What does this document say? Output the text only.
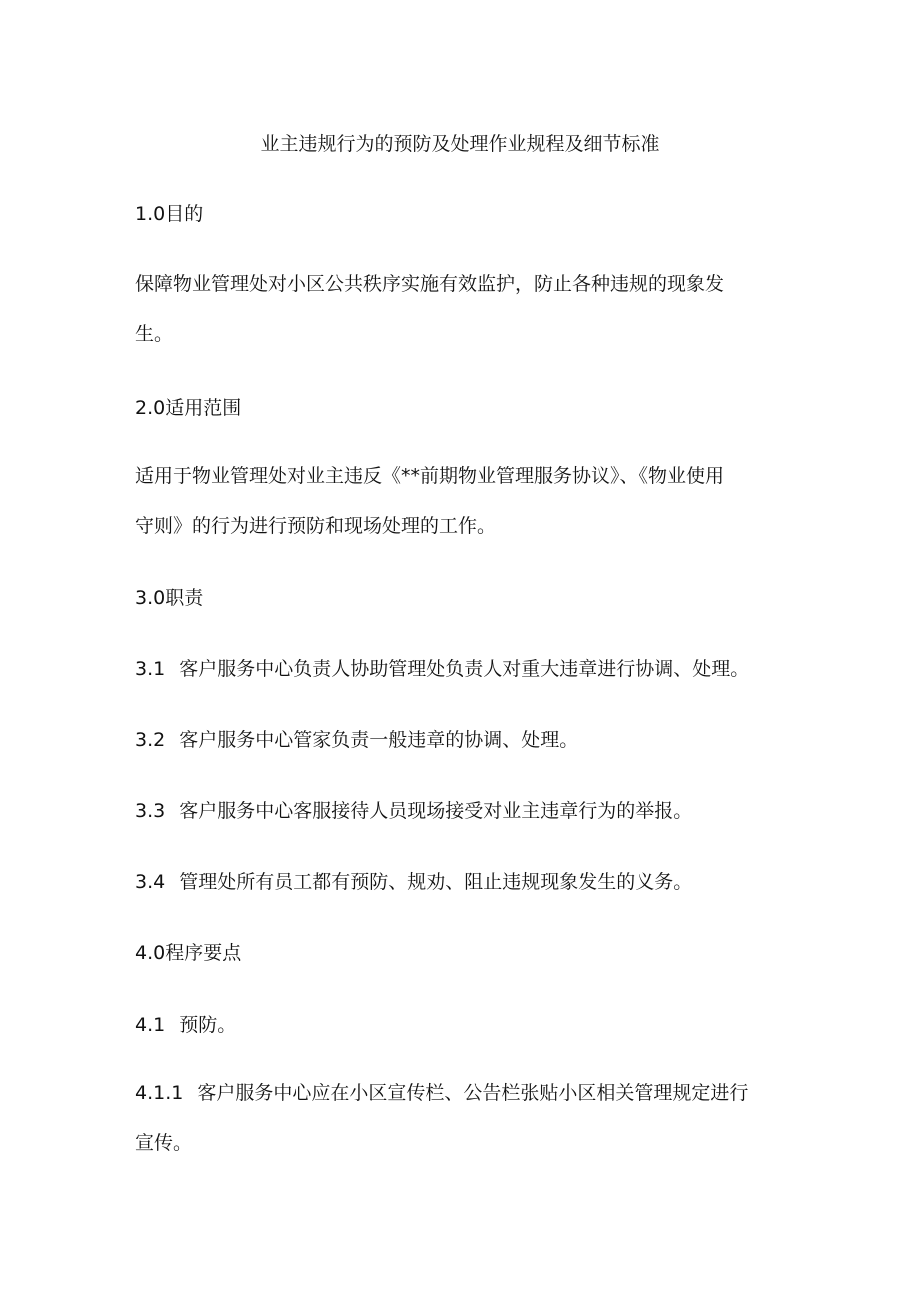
业主违规行为的预防及处理作业规程及细节标准
1.0目的
保障物业管理处对小区公共秩序实施有效监护，防止各种违规的现象发
生。
2.0适用范围
适用于物业管理处对业主违反《**前期物业管理服务协议》、《物业使用
守则》的行为进行预防和现场处理的工作。
3.0职责
3.1 客户服务中心负责人协助管理处负责人对重大违章进行协调、处理。
3.2 客户服务中心管家负责一般违章的协调、处理。
3.3 客户服务中心客服接待人员现场接受对业主违章行为的举报。
3.4 管理处所有员工都有预防、规劝、阻止违规现象发生的义务。
4.0程序要点
4.1 预防。
4.1.1 客户服务中心应在小区宣传栏、公告栏张贴小区相关管理规定进行
宣传。
